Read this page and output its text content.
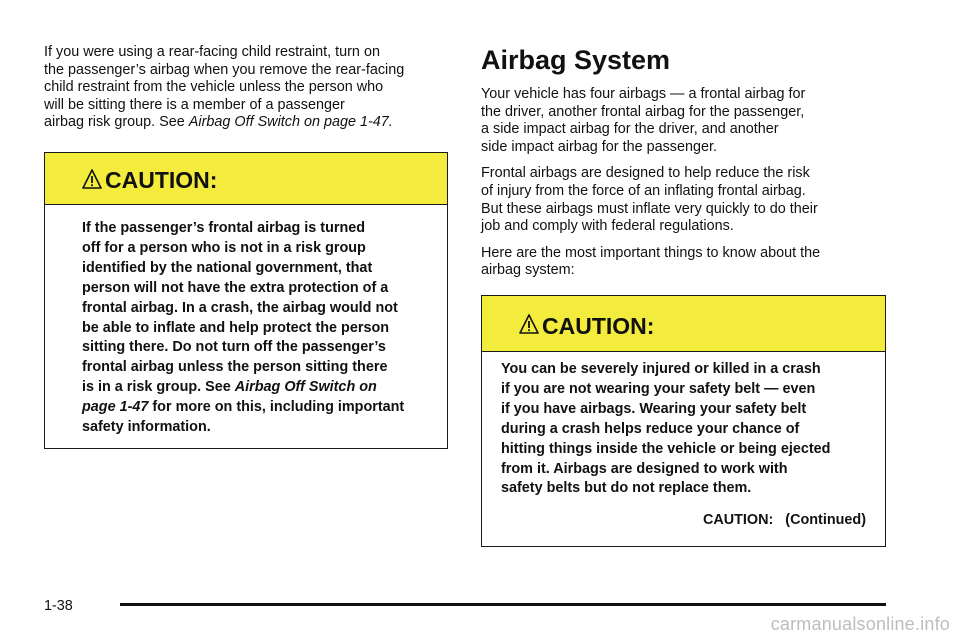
If you were using a rear-facing child restraint, turn on
the passenger’s airbag when you remove the rear-facing
child restraint from the vehicle unless the person who
will be sitting there is a member of a passenger
airbag risk group. See Airbag Off Switch on page 1-47.

CAUTION:
If the passenger’s frontal airbag is turned
off for a person who is not in a risk group
identified by the national government, that
person will not have the extra protection of a
frontal airbag. In a crash, the airbag would not
be able to inflate and help protect the person
sitting there. Do not turn off the passenger’s
frontal airbag unless the person sitting there
is in a risk group. See Airbag Off Switch on
page 1-47 for more on this, including important
safety information.
Airbag System

Your vehicle has four airbags — a frontal airbag for
the driver, another frontal airbag for the passenger,
a side impact airbag for the driver, and another
side impact airbag for the passenger.

Frontal airbags are designed to help reduce the risk
of injury from the force of an inflating frontal airbag.
But these airbags must inflate very quickly to do their
job and comply with federal regulations.

Here are the most important things to know about the
airbag system:

CAUTION:
You can be severely injured or killed in a crash
if you are not wearing your safety belt — even
if you have airbags. Wearing your safety belt
during a crash helps reduce your chance of
hitting things inside the vehicle or being ejected
from it. Airbags are designed to work with
safety belts but do not replace them.
CAUTION:   (Continued)
1-38
carmanualsonline.info
